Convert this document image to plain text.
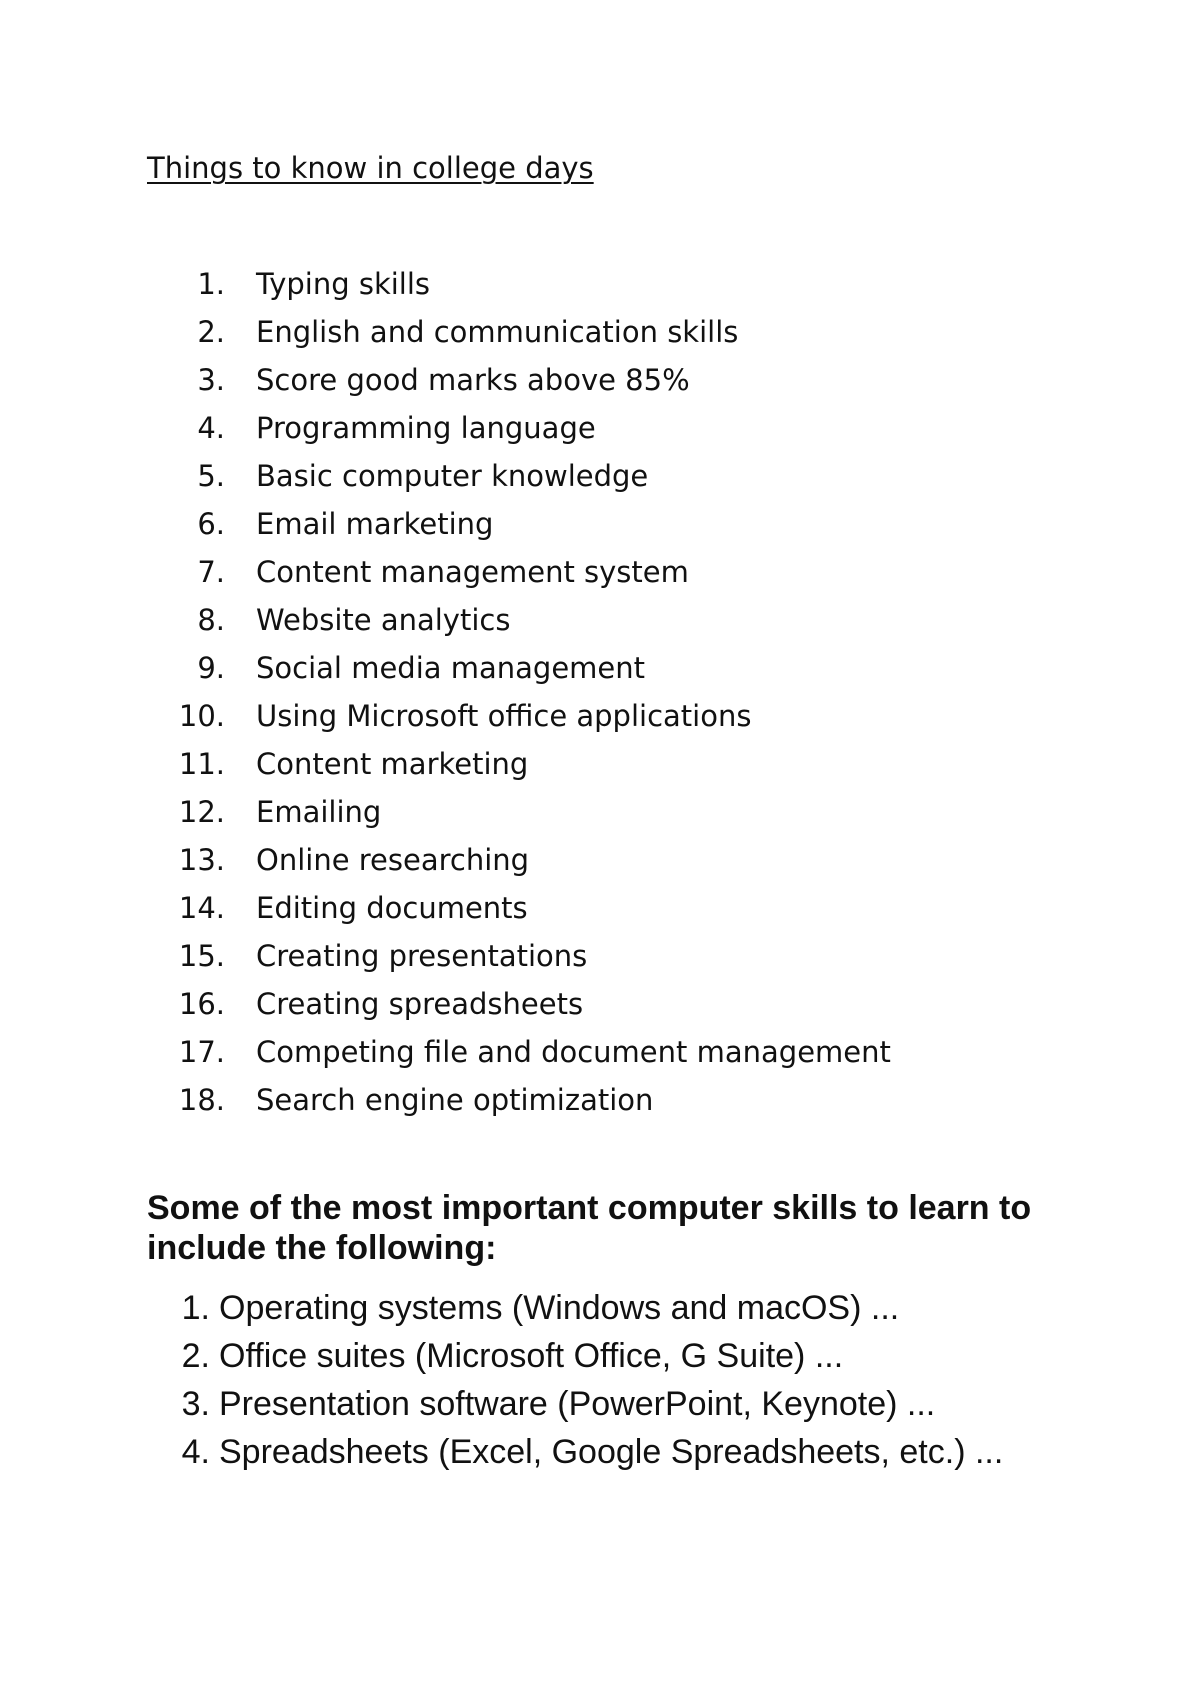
Things to know in college days
1. Typing skills
2. English and communication skills
3. Score good marks above 85%
4. Programming language
5. Basic computer knowledge
6. Email marketing
7. Content management system
8. Website analytics
9. Social media management
10. Using Microsoft office applications
11. Content marketing
12. Emailing
13. Online researching
14. Editing documents
15. Creating presentations
16. Creating spreadsheets
17. Competing file and document management
18. Search engine optimization
Some of the most important computer skills to learn to include the following:
1. Operating systems (Windows and macOS) ...
2. Office suites (Microsoft Office, G Suite) ...
3. Presentation software (PowerPoint, Keynote) ...
4. Spreadsheets (Excel, Google Spreadsheets, etc.) ...
